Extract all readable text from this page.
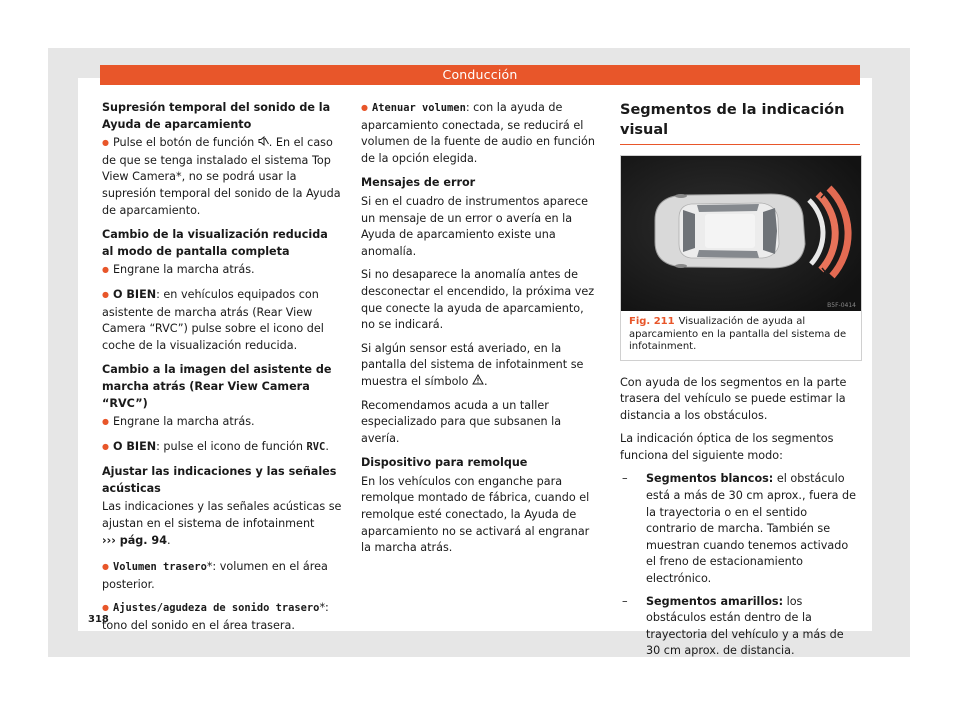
Conducción
Supresión temporal del sonido de la Ayuda de aparcamiento

● Pulse el botón de función . En el caso de que se tenga instalado el sistema Top View Camera*, no se podrá usar la supresión temporal del sonido de la Ayuda de aparcamiento.

Cambio de la visualización reducida al modo de pantalla completa

● Engrane la marcha atrás.

● O BIEN: en vehículos equipados con asistente de marcha atrás (Rear View Camera “RVC”) pulse sobre el icono del coche de la visualización reducida.

Cambio a la imagen del asistente de marcha atrás (Rear View Camera “RVC”)

● Engrane la marcha atrás.

● O BIEN: pulse el icono de función RVC.

Ajustar las indicaciones y las señales acústicas

Las indicaciones y las señales acústicas se ajustan en el sistema de infotainment
››› pág. 94.

● Volumen trasero*: volumen en el área posterior.

● Ajustes/agudeza de sonido trasero*: tono del sonido en el área trasera.

● Atenuar volumen: con la ayuda de aparcamiento conectada, se reducirá el volumen de la fuente de audio en función de la opción elegida.

Mensajes de error

Si en el cuadro de instrumentos aparece un mensaje de un error o avería en la Ayuda de aparcamiento existe una anomalía.

Si no desaparece la anomalía antes de desconectar el encendido, la próxima vez que conecte la ayuda de aparcamiento, no se indicará.

Si algún sensor está averiado, en la pantalla del sistema de infotainment se muestra el símbolo .

Recomendamos acuda a un taller especializado para que subsanen la avería.

Dispositivo para remolque

En los vehículos con enganche para remolque montado de fábrica, cuando el remolque esté conectado, la Ayuda de aparcamiento no se activará al engranar la marcha atrás.

Segmentos de la indicación visual
B5F-0414
Fig. 211 Visualización de ayuda al aparcamiento en la pantalla del sistema de infotainment.

Con ayuda de los segmentos en la parte trasera del vehículo se puede estimar la distancia a los obstáculos.

La indicación óptica de los segmentos funciona del siguiente modo:

–	Segmentos blancos: el obstáculo está a más de 30 cm aprox., fuera de la trayectoria o en el sentido contrario de marcha. También se muestran cuando tenemos activado el freno de estacionamiento electrónico.
–	Segmentos amarillos: los obstáculos están dentro de la trayectoria del vehículo y a más de 30 cm aprox. de distancia.
318
